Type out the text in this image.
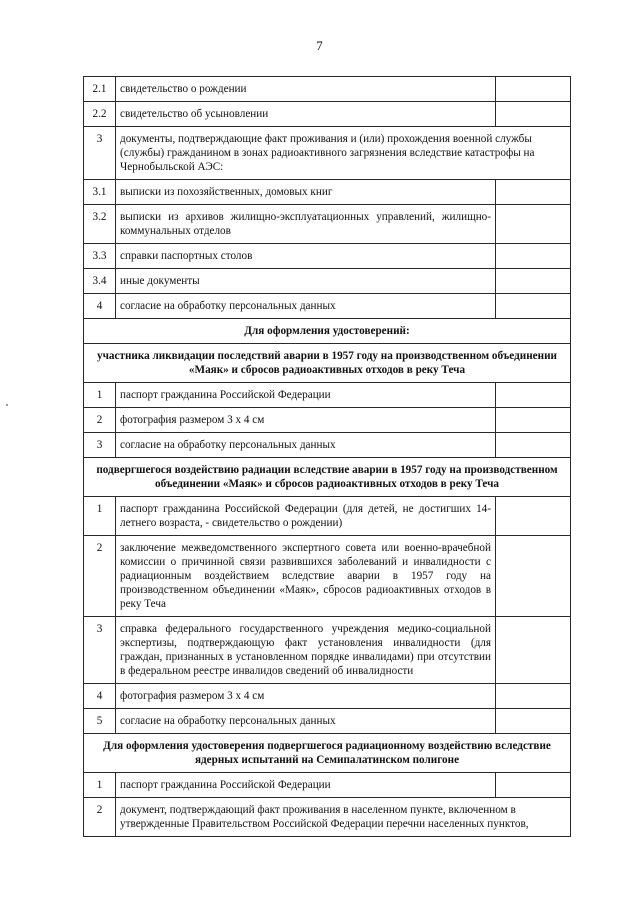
7
2.1	свидетельство о рождении	
2.2	свидетельство об усыновлении	
3	документы, подтверждающие факт проживания и (или) прохождения военной службы (службы) гражданином в зонах радиоактивного загрязнения вследствие катастрофы на Чернобыльской АЭС:	
3.1	выписки из похозяйственных, домовых книг	
3.2	выписки из архивов жилищно-эксплуатационных управлений, жилищно-коммунальных отделов	
3.3	справки паспортных столов	
3.4	иные документы	
4	согласие на обработку персональных данных	
Для оформления удостоверений:		
участника ликвидации последствий аварии в 1957 году на производственном объединении «Маяк» и сбросов радиоактивных отходов в реку Теча		
1	паспорт гражданина Российской Федерации	
2	фотография размером 3 х 4 см	
3	согласие на обработку персональных данных	
подвергшегося воздействию радиации вследствие аварии в 1957 году на производственном объединении «Маяк» и сбросов радиоактивных отходов в реку Теча		
1	паспорт гражданина Российской Федерации (для детей, не достигших 14-летнего возраста, - свидетельство о рождении)	
2	заключение межведомственного экспертного совета или военно-врачебной комиссии о причинной связи развившихся заболеваний и инвалидности с радиационным воздействием вследствие аварии в 1957 году на производственном объединении «Маяк», сбросов радиоактивных отходов в реку Теча	
3	справка федерального государственного учреждения медико-социальной экспертизы, подтверждающую факт установления инвалидности (для граждан, признанных в установленном порядке инвалидами) при отсутствии в федеральном реестре инвалидов сведений об инвалидности	
4	фотография размером 3 х 4 см	
5	согласие на обработку персональных данных	
Для оформления удостоверения подвергшегося радиационному воздействию вследствие ядерных испытаний на Семипалатинском полигоне		
1	паспорт гражданина Российской Федерации	
2	документ, подтверждающий факт проживания в населенном пункте, включенном в утвержденные Правительством Российской Федерации перечни населенных пунктов,	
